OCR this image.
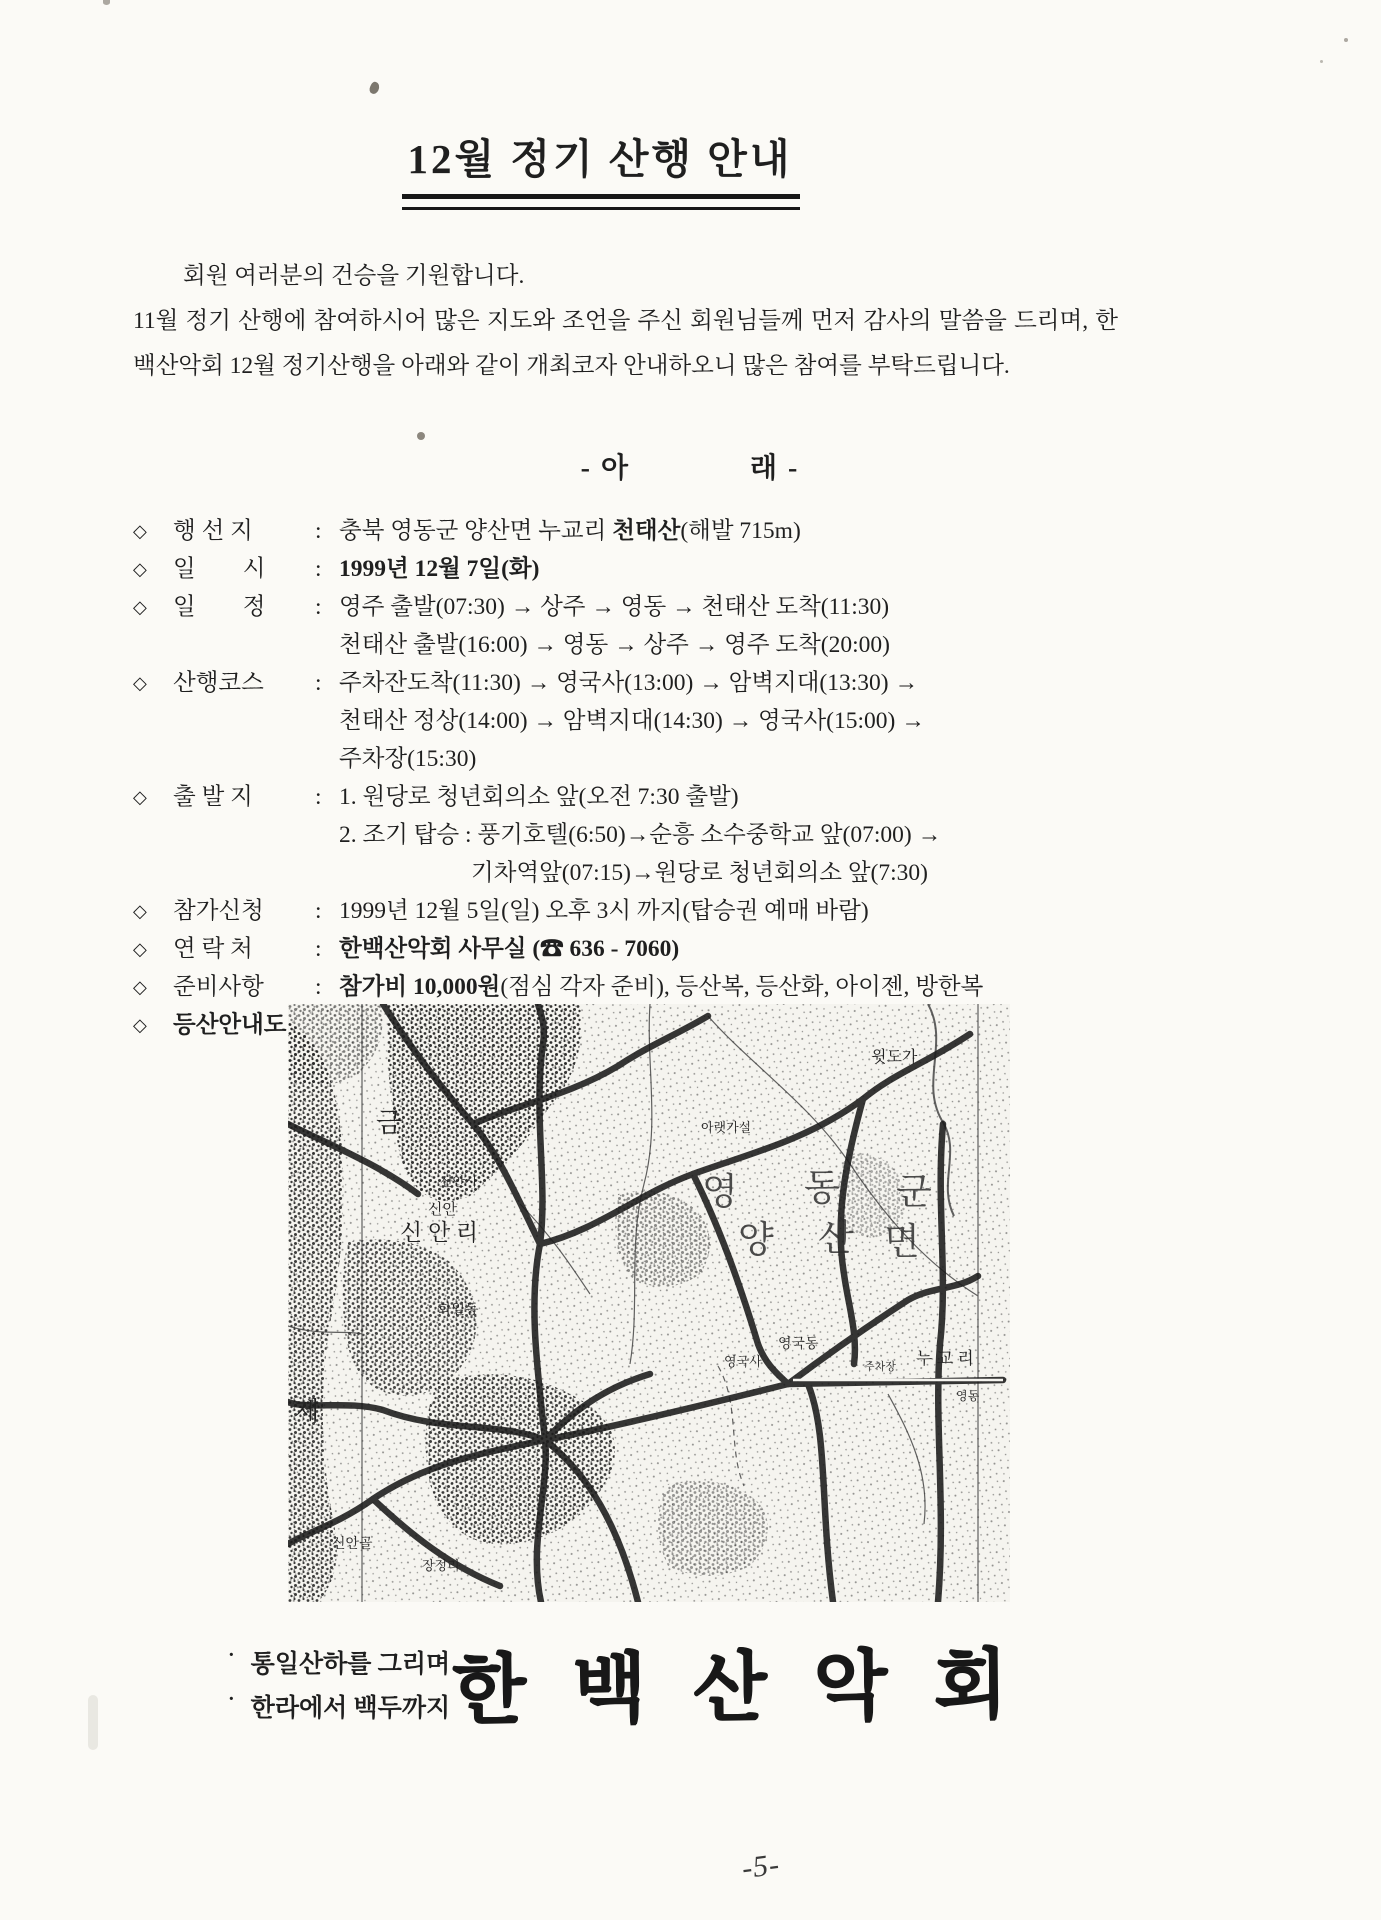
12월 정기 산행 안내
회원 여러분의 건승을 기원합니다.
11월 정기 산행에 참여하시어 많은 지도와 조언을 주신 회원님들께 먼저 감사의 말씀을 드리며, 한백산악회 12월 정기산행을 아래와 같이 개최코자 안내하오니 많은 참여를 부탁드립니다.
- 아　　　　래 -
◇	행 선 지	: 충북 영동군 양산면 누교리 천태산(해발 715m)
◇	일        시	: 1999년 12월 7일(화)
◇	일        정	: 영주 출발(07:30) → 상주 → 영동 → 천태산 도착(11:30)
천태산 출발(16:00) → 영동 → 상주 → 영주 도착(20:00)
◇	산행코스	: 주차잔도착(11:30) → 영국사(13:00) → 암벽지대(13:30) →
천태산 정상(14:00) → 암벽지대(14:30) → 영국사(15:00) →
주차장(15:30)
◇	출 발 지	: 1. 원당로 청년회의소 앞(오전 7:30 출발)
2. 조기 탑승 : 풍기호텔(6:50)→순흥 소수중학교 앞(07:00) →
기차역앞(07:15)→원당로 청년회의소 앞(7:30)
◇	참가신청	: 1999년 12월 5일(일) 오후 3시 까지(탑승권 예매 바람)
◇	연 락 처	: 한백산악회 사무실 (☎ 636 - 7060)
◇	준비사항	: 참가비 10,000원(점심 각자 준비), 등산복, 등산화, 아이젠, 방한복
◇	등산안내도
금
신안사
신안
신 안 리
화일동
영 동 군
양 산 면
윗도가
아랫가실
영국동
영국사	주차장 누 교 리
영동
제
신안골
장정리
· 통일산하를 그리며
· 한라에서 백두까지 한 백 산 악 회
-5-
